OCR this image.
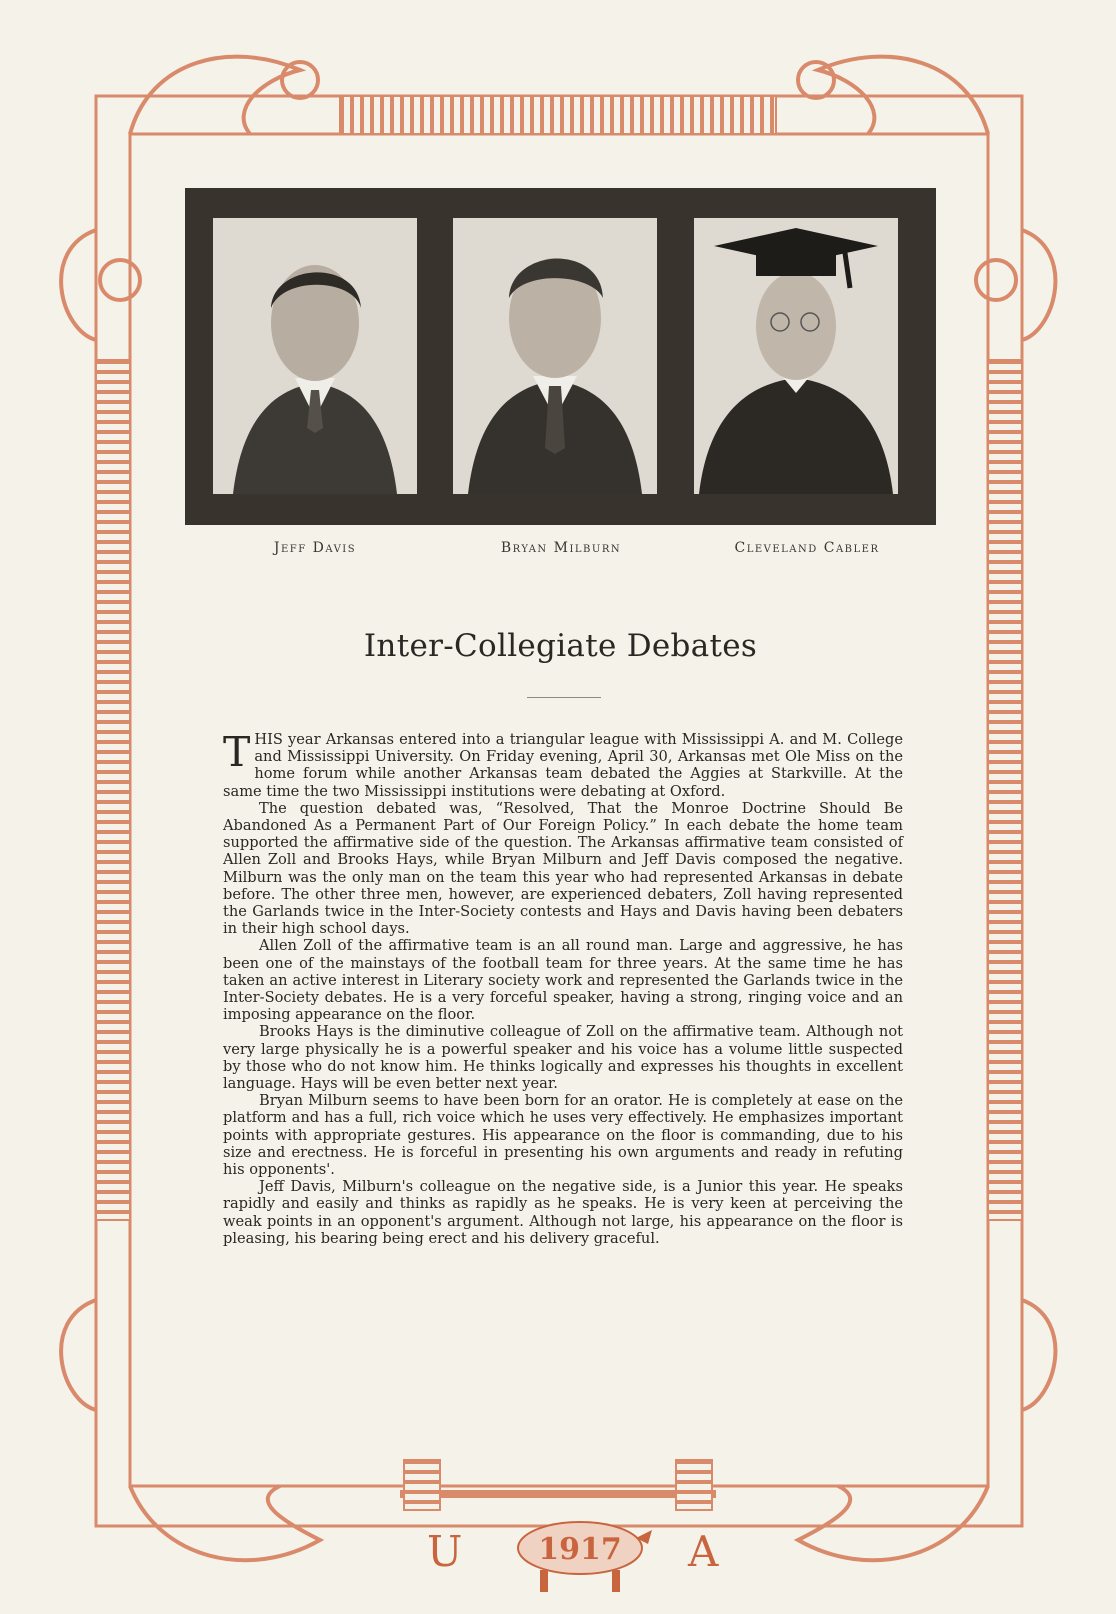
Jeff Davis	Bryan Milburn	Cleveland Cabler
Inter-Collegiate Debates

THIS year Arkansas entered into a triangular league with Mississippi A. and M. College and Mississippi University. On Friday evening, April 30, Arkansas met Ole Miss on the home forum while another Arkansas team debated the Aggies at Starkville. At the same time the two Mississippi institutions were debating at Oxford.

The question debated was, “Resolved, That the Monroe Doctrine Should Be Abandoned As a Permanent Part of Our Foreign Policy.” In each debate the home team supported the affirmative side of the question. The Arkansas affirmative team consisted of Allen Zoll and Brooks Hays, while Bryan Milburn and Jeff Davis composed the negative. Milburn was the only man on the team this year who had represented Arkansas in debate before. The other three men, however, are experienced debaters, Zoll having represented the Garlands twice in the Inter-Society contests and Hays and Davis having been debaters in their high school days.

Allen Zoll of the affirmative team is an all round man. Large and aggressive, he has been one of the mainstays of the football team for three years. At the same time he has taken an active interest in Literary society work and represented the Garlands twice in the Inter-Society debates. He is a very forceful speaker, having a strong, ringing voice and an imposing appearance on the floor.

Brooks Hays is the diminutive colleague of Zoll on the affirmative team. Although not very large physically he is a powerful speaker and his voice has a volume little suspected by those who do not know him. He thinks logically and expresses his thoughts in excellent language. Hays will be even better next year.

Bryan Milburn seems to have been born for an orator. He is completely at ease on the platform and has a full, rich voice which he uses very effectively. He emphasizes important points with appropriate gestures. His appearance on the floor is commanding, due to his size and erectness. He is forceful in presenting his own arguments and ready in refuting his opponents'.

Jeff Davis, Milburn's colleague on the negative side, is a Junior this year. He speaks rapidly and easily and thinks as rapidly as he speaks. He is very keen at perceiving the weak points in an opponent's argument. Although not large, his appearance on the floor is pleasing, his bearing being erect and his delivery graceful.

U	1917	A
